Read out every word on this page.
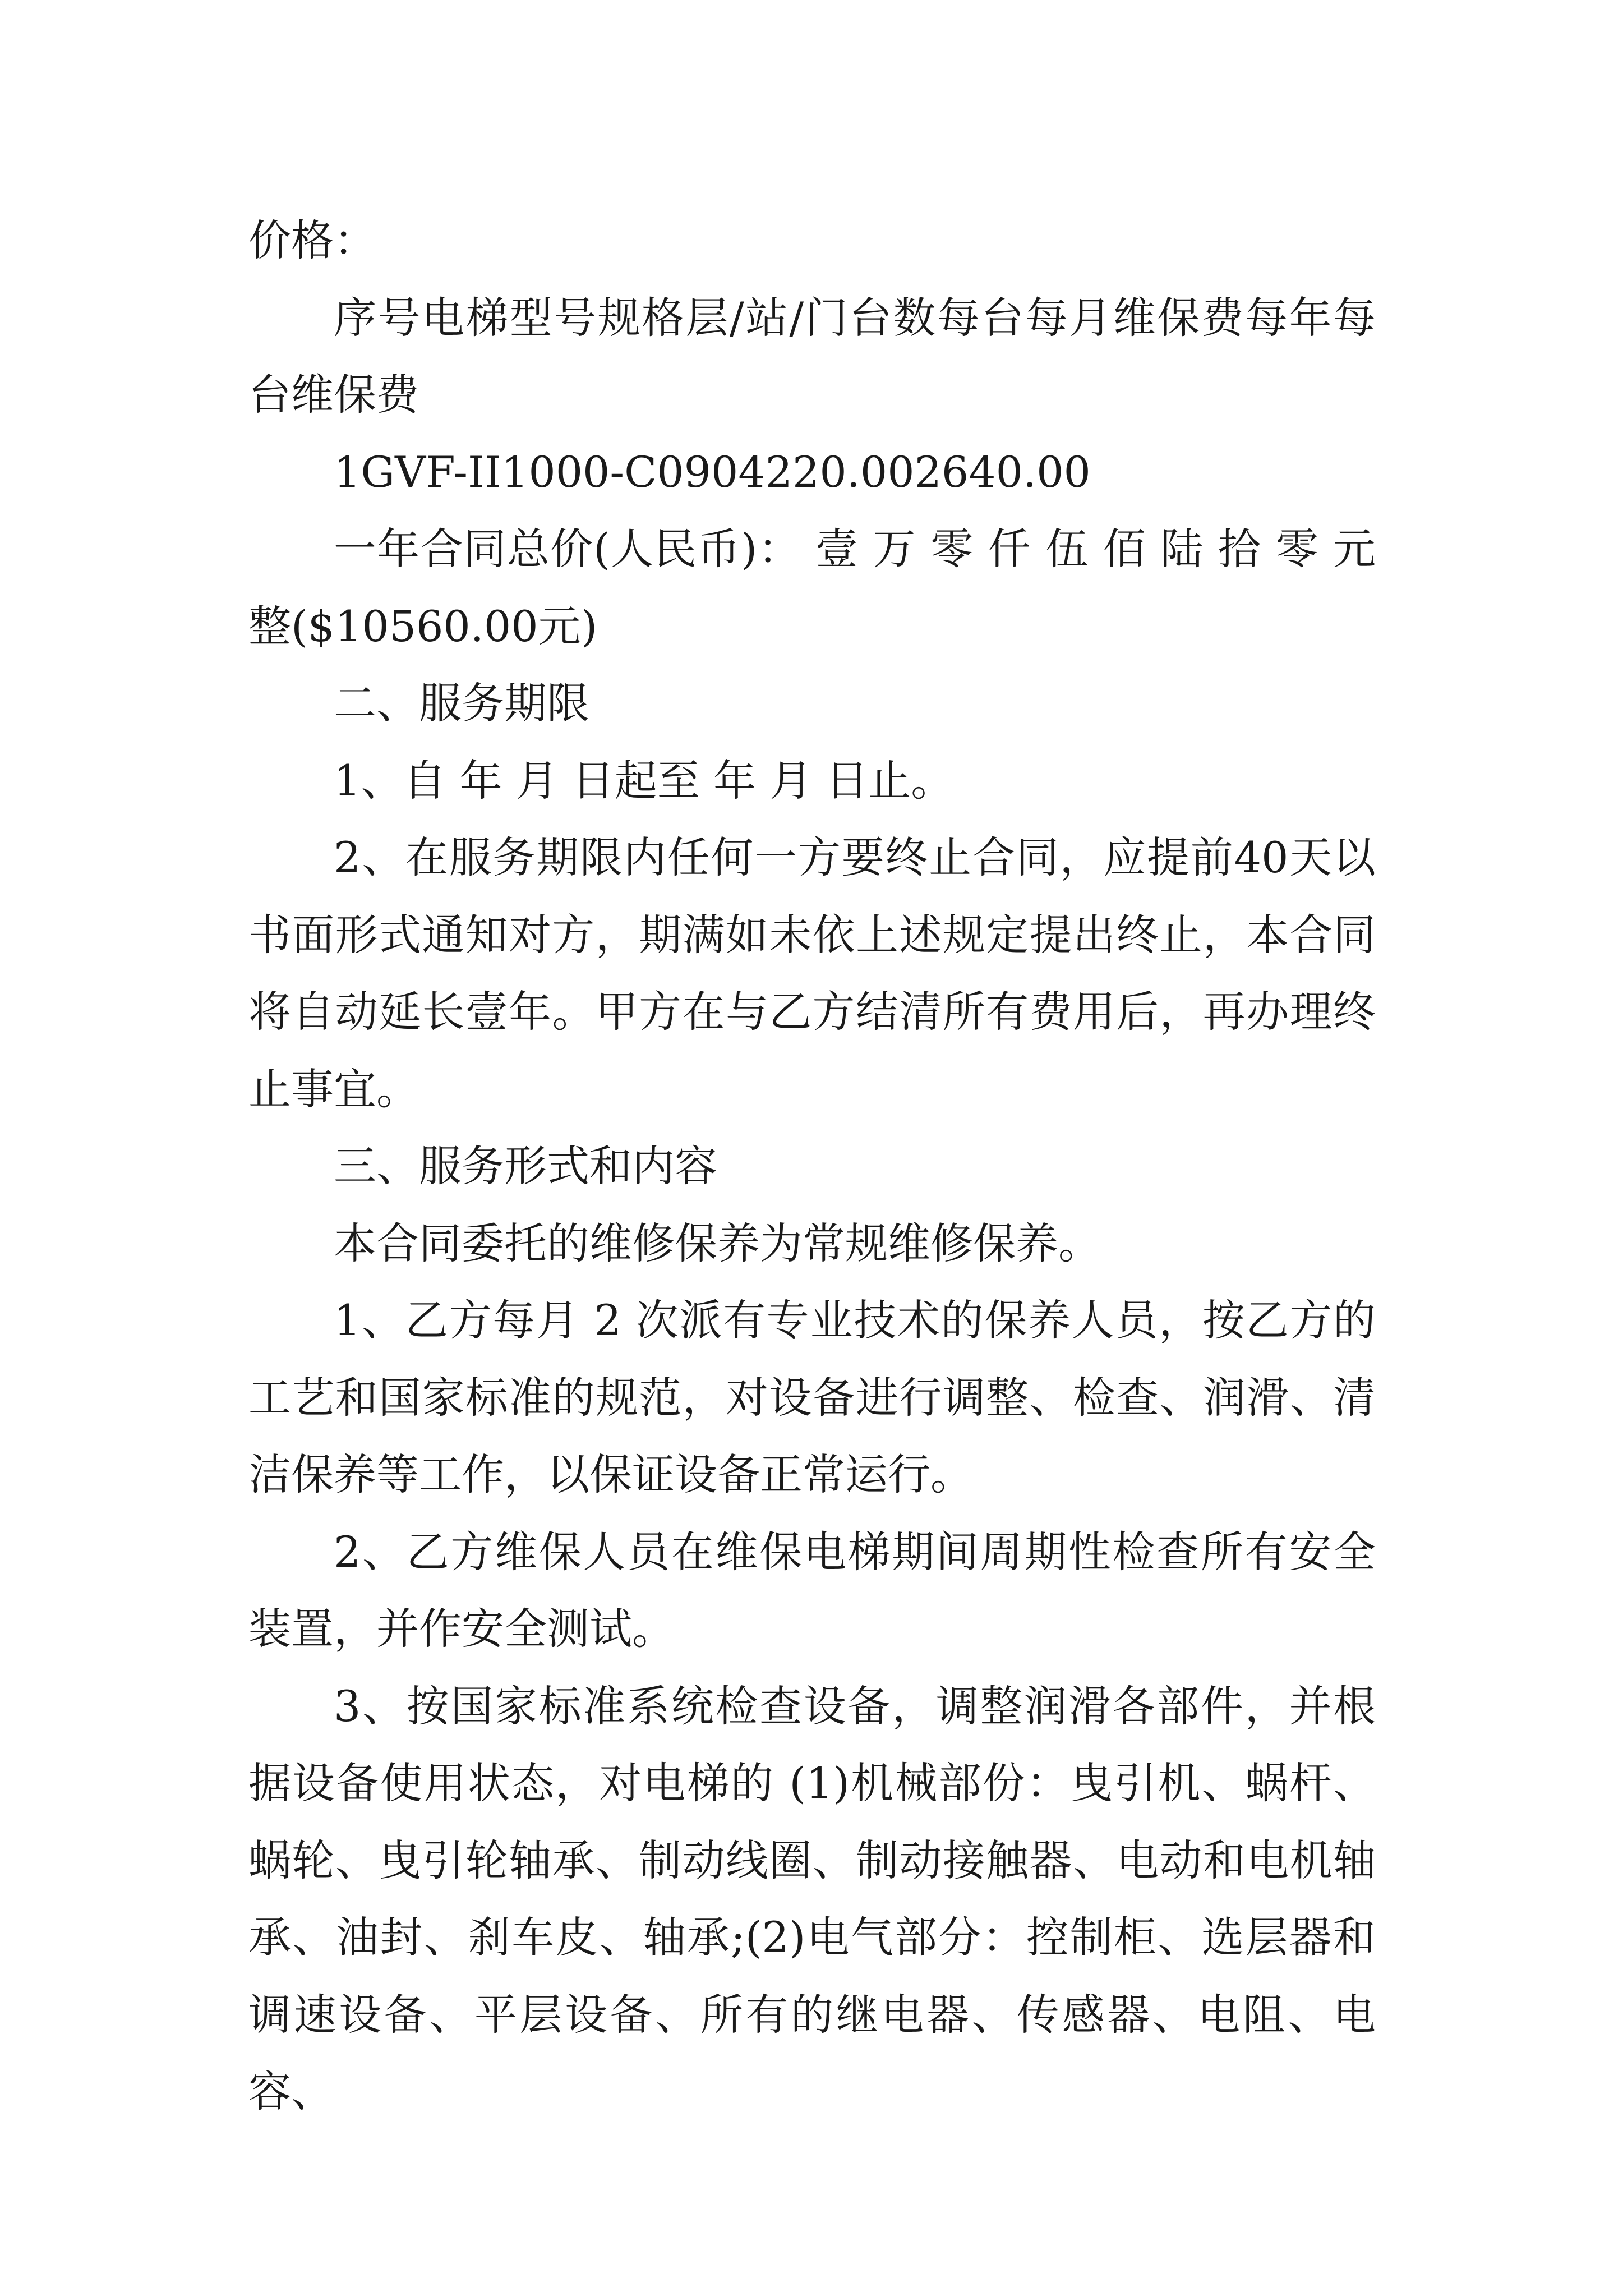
价格：

序号电梯型号规格层/站/门台数每台每月维保费每年每台维保费

1GVF-II1000-C0904220.002640.00

一年合同总价(人民币)： 壹 万 零 仟 伍 佰 陆 拾 零 元整($10560.00元)

二、服务期限

1、自 年 月 日起至 年 月 日止。

2、在服务期限内任何一方要终止合同，应提前40天以书面形式通知对方，期满如未依上述规定提出终止，本合同将自动延长壹年。甲方在与乙方结清所有费用后，再办理终止事宜。

三、服务形式和内容

本合同委托的维修保养为常规维修保养。

1、乙方每月 2 次派有专业技术的保养人员，按乙方的工艺和国家标准的规范，对设备进行调整、检查、润滑、清洁保养等工作，以保证设备正常运行。

2、乙方维保人员在维保电梯期间周期性检查所有安全装置，并作安全测试。

3、按国家标准系统检查设备，调整润滑各部件，并根据设备使用状态，对电梯的 (1)机械部份：曳引机、蜗杆、蜗轮、曳引轮轴承、制动线圈、制动接触器、电动和电机轴承、油封、刹车皮、轴承;(2)电气部分：控制柜、选层器和调速设备、平层设备、所有的继电器、传感器、电阻、电容、
